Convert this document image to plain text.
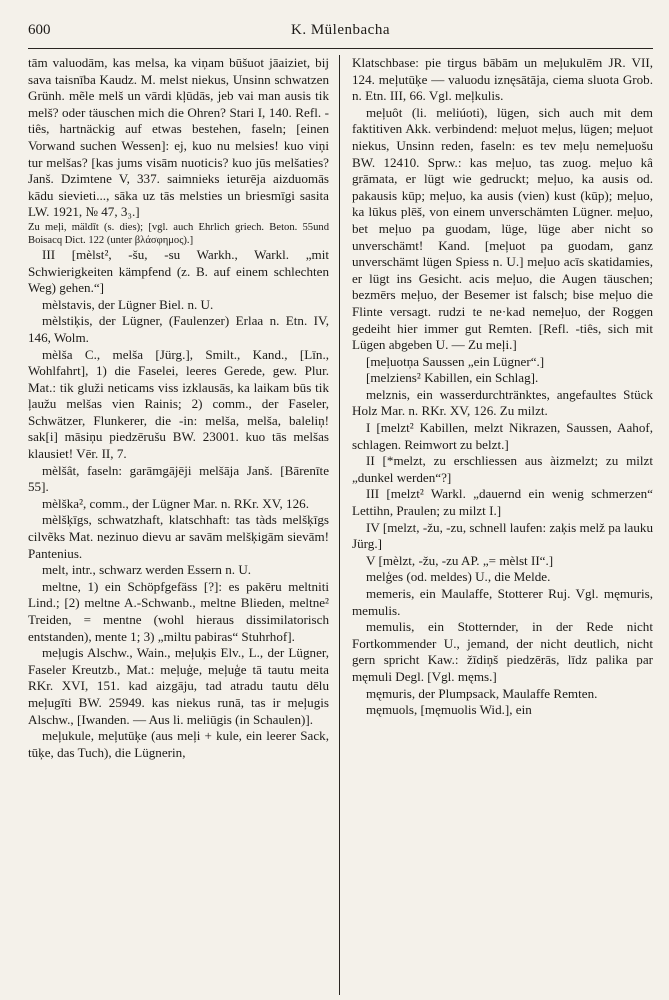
600	K. Mülenbacha

tām valuodām, kas melsa, ka viņam būšuot jāaiziet, bij sava taisnība Kaudz. M. melst niekus, Unsinn schwatzen Grünh. mẽle melš un vārdi kļūdās, jeb vai man ausis tik melš? oder täuschen mich die Ohren? Stari I, 140. Refl. -tiês, hartnäckig auf etwas bestehen, faseln; [einen Vorwand suchen Wessen]: ej, kuo nu melsies! kuo viņi tur melšas? [kas jums visām nuoticis? kuo jūs melšaties? Janš. Dzimtene V, 337. saimnieks ieturēja aizduomās kādu sievieti..., sāka uz tās melsties un briesmīgi sasita LW. 1921, № 47, 3₃.]

Zu meļi, mäldīt (s. dies); [vgl. auch Ehrlich griech. Beton. 55und Boisacq Dict. 122 (unter βλάσφημος).]

III [mèlst², -šu, -su Warkh., Warkl. „mit Schwierigkeiten kämpfend (z. B. auf einem schlechten Weg) gehen.“]

mèlstavis, der Lügner Biel. n. U.

mèlstiķis, der Lügner, (Faulenzer) Erlaa n. Etn. IV, 146, Wolm.

mèlša C., melša [Jürg.], Smilt., Kand., [Līn., Wohlfahrt], 1) die Faselei, leeres Gerede, gew. Plur. Mat.: tik gluži neticams viss izklausās, ka laikam būs tik ļaužu melšas vien Rainis; 2) comm., der Faseler, Schwätzer, Flunkerer, die -in: melša, melša, baleliņ! sak[i] māsiņu piedzērušu BW. 23001. kuo tās melšas klausiet! Vēr. II, 7.

mèlšât, faseln: garāmgājēji melšāja Janš. [Bārenīte 55].

mèlška², comm., der Lügner Mar. n. RKr. XV, 126.

mèlšķīgs, schwatzhaft, klatschhaft: tas tàds melšķīgs cilvẽks Mat. nezinuo dievu ar savām melšķigām sievām! Pantenius.

melt, intr., schwarz werden Essern n. U.

meltne, 1) ein Schöpfgefäss [?]: es pakēru meltniti Lind.; [2) meltne A.-Schwanb., meltne Blieden, meltne² Treiden, = mentne (wohl hieraus dissimilatorisch entstanden), mente 1; 3) „miltu pabiras“ Stuhrhof].

meļugis Alschw., Wain., meļuķis Elv., L., der Lügner, Faseler Kreutzb., Mat.: meļuģe, meļuģe tā tautu meita RKr. XVI, 151. kad aizgāju, tad atradu tautu dēlu meļugīti BW. 25949. kas niekus runā, tas ir meļugis Alschw., [Iwanden. — Aus li. meliūgis (in Schaulen)].

meļukule, meļutūķe (aus meļi + kule, ein leerer Sack, tūķe, das Tuch), die Lügnerin,

Klatschbase: pie tirgus bābām un meļukulēm JR. VII, 124. meļutūķe — valuodu iznęsātāja, ciema sluota Grob. n. Etn. III, 66. Vgl. meļkulis.

meļuôt (li. meliúoti), lügen, sich auch mit dem faktitiven Akk. verbindend: meļuot meļus, lügen; meļuot niekus, Unsinn reden, faseln: es tev meļu nemeļuošu BW. 12410. Sprw.: kas meļuo, tas zuog. meļuo kâ grāmata, er lügt wie gedruckt; meļuo, ka ausis od. pakausis kūp; meļuo, ka ausis (vien) kust (kūp); meļuo, ka lūkus plēš, von einem unverschämten Lügner. meļuo, bet meļuo pa guodam, lüge, lüge aber nicht so unverschämt! Kand. [meļuot pa guodam, ganz unverschämt lügen Spiess n. U.] meļuo acīs skatidamies, er lügt ins Gesicht. acis meļuo, die Augen täuschen; bezmērs meļuo, der Besemer ist falsch; bise meļuo die Flinte versagt. rudzi te ne·kad nemeļuo, der Roggen gedeiht hier immer gut Remten. [Refl. -tiês, sich mit Lügen abgeben U. — Zu meļi.]

[meļuotņa Saussen „ein Lügner“.]

[melziens² Kabillen, ein Schlag].

melznis, ein wasserdurchtränktes, angefaultes Stück Holz Mar. n. RKr. XV, 126. Zu milzt.

I [melzt² Kabillen, melzt Nikrazen, Saussen, Aahof, schlagen. Reimwort zu belzt.]

II [*melzt, zu erschliessen aus àizmelzt; zu milzt „dunkel werden“?]

III [melzt² Warkl. „dauernd ein wenig schmerzen“ Lettihn, Praulen; zu milzt I.]

IV [melzt, -žu, -zu, schnell laufen: zaķis melž pa lauku Jürg.]

V [mèlzt, -žu, -zu AP. „= mèlst II“.]

melģes (od. meldes) U., die Melde.

memeris, ein Maulaffe, Stotterer Ruj. Vgl. męmuris, memulis.

memulis, ein Stotternder, in der Rede nicht Fortkommender U., jemand, der nicht deutlich, nicht gern spricht Kaw.: žīdiņš piedzērās, līdz palika par męmuli Degl. [Vgl. męms.]

męmuris, der Plumpsack, Maulaffe Remten.

męmuols, [męmuolis Wid.], ein
